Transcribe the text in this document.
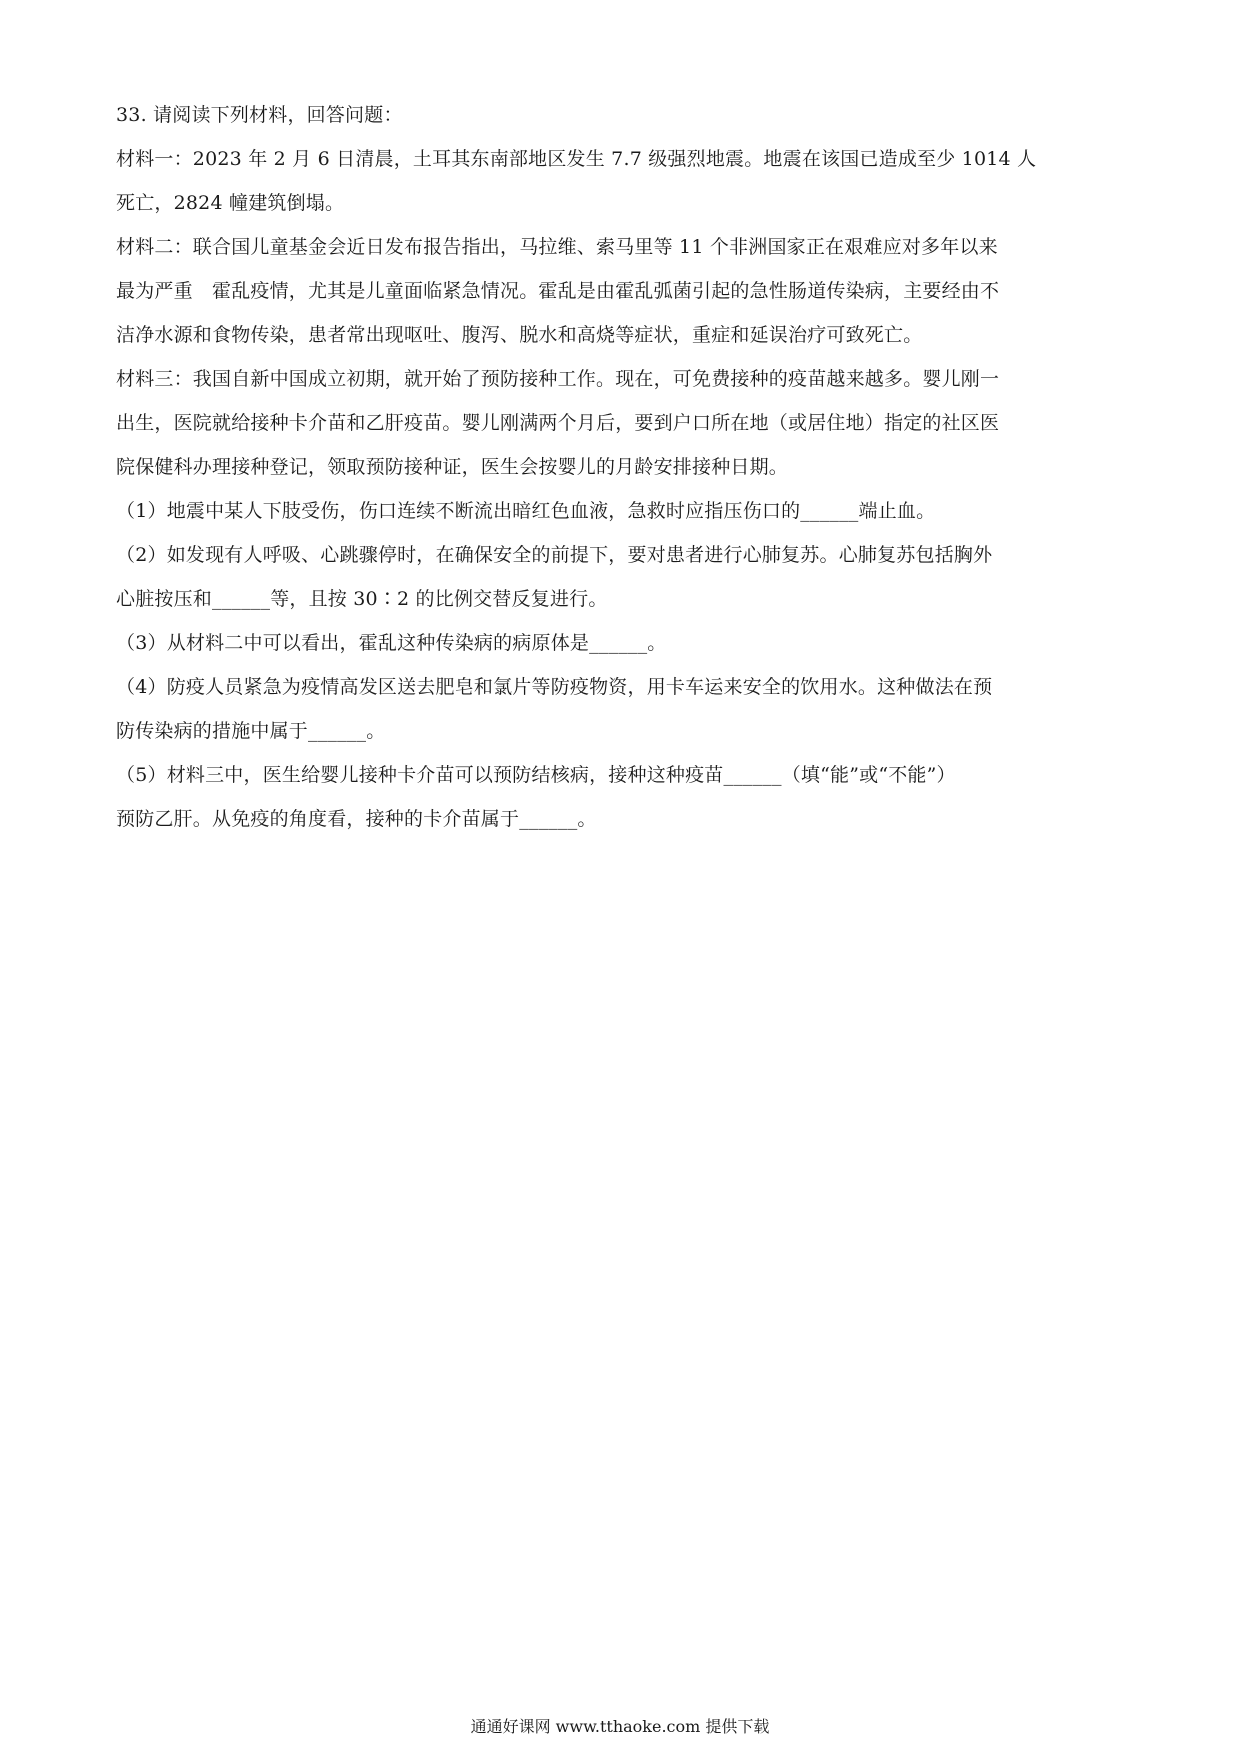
33. 请阅读下列材料，回答问题：
材料一：2023 年 2 月 6 日清晨，土耳其东南部地区发生 7.7 级强烈地震。地震在该国已造成至少 1014 人
死亡，2824 幢建筑倒塌。
材料二：联合国儿童基金会近日发布报告指出，马拉维、索马里等 11 个非洲国家正在艰难应对多年以来
最为严重　霍乱疫情，尤其是儿童面临紧急情况。霍乱是由霍乱弧菌引起的急性肠道传染病，主要经由不
洁净水源和食物传染，患者常出现呕吐、腹泻、脱水和高烧等症状，重症和延误治疗可致死亡。
材料三：我国自新中国成立初期，就开始了预防接种工作。现在，可免费接种的疫苗越来越多。婴儿刚一
出生，医院就给接种卡介苗和乙肝疫苗。婴儿刚满两个月后，要到户口所在地（或居住地）指定的社区医
院保健科办理接种登记，领取预防接种证，医生会按婴儿的月龄安排接种日期。
（1）地震中某人下肢受伤，伤口连续不断流出暗红色血液，急救时应指压伤口的______端止血。
（2）如发现有人呼吸、心跳骤停时，在确保安全的前提下，要对患者进行心肺复苏。心肺复苏包括胸外
心脏按压和______等，且按 30∶2 的比例交替反复进行。
（3）从材料二中可以看出，霍乱这种传染病的病原体是______。
（4）防疫人员紧急为疫情高发区送去肥皂和氯片等防疫物资，用卡车运来安全的饮用水。这种做法在预
防传染病的措施中属于______。
（5）材料三中，医生给婴儿接种卡介苗可以预防结核病，接种这种疫苗______（填“能”或“不能”）
预防乙肝。从免疫的角度看，接种的卡介苗属于______。
通通好课网 www.tthaoke.com 提供下载
